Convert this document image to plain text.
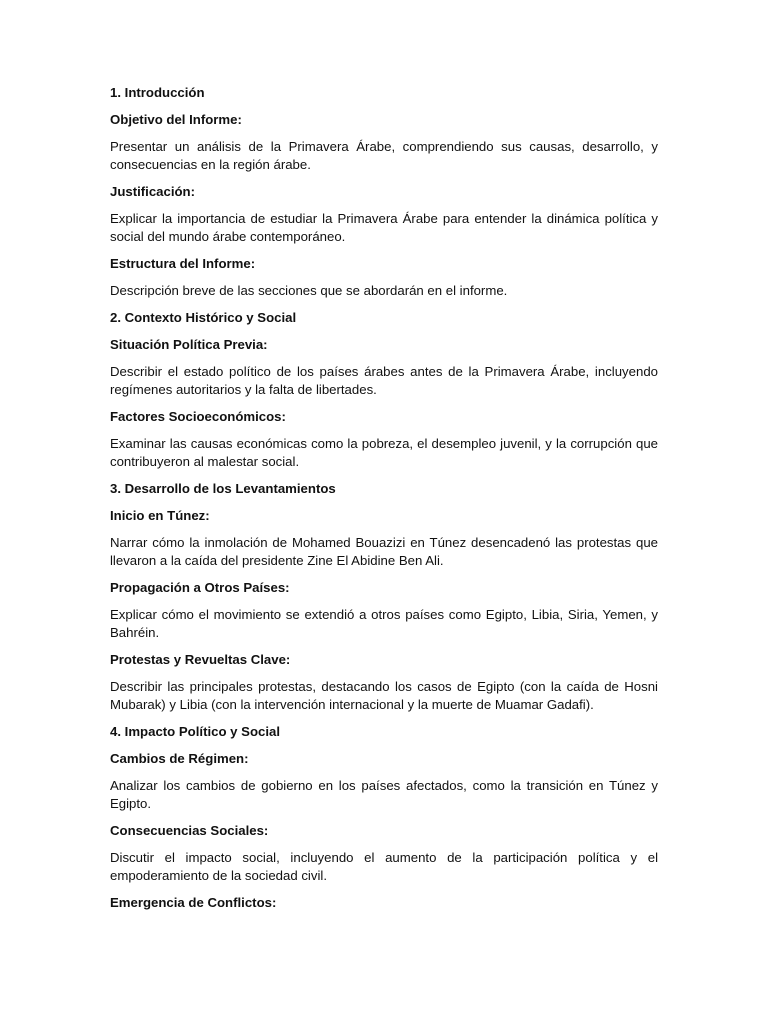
1. Introducción

Objetivo del Informe:

Presentar un análisis de la Primavera Árabe, comprendiendo sus causas, desarrollo, y consecuencias en la región árabe.

Justificación:

Explicar la importancia de estudiar la Primavera Árabe para entender la dinámica política y social del mundo árabe contemporáneo.

Estructura del Informe:

Descripción breve de las secciones que se abordarán en el informe.

2. Contexto Histórico y Social

Situación Política Previa:

Describir el estado político de los países árabes antes de la Primavera Árabe, incluyendo regímenes autoritarios y la falta de libertades.

Factores Socioeconómicos:

Examinar las causas económicas como la pobreza, el desempleo juvenil, y la corrupción que contribuyeron al malestar social.

3. Desarrollo de los Levantamientos

Inicio en Túnez:

Narrar cómo la inmolación de Mohamed Bouazizi en Túnez desencadenó las protestas que llevaron a la caída del presidente Zine El Abidine Ben Ali.

Propagación a Otros Países:

Explicar cómo el movimiento se extendió a otros países como Egipto, Libia, Siria, Yemen, y Bahréin.

Protestas y Revueltas Clave:

Describir las principales protestas, destacando los casos de Egipto (con la caída de Hosni Mubarak) y Libia (con la intervención internacional y la muerte de Muamar Gadafi).

4. Impacto Político y Social

Cambios de Régimen:

Analizar los cambios de gobierno en los países afectados, como la transición en Túnez y Egipto.

Consecuencias Sociales:

Discutir el impacto social, incluyendo el aumento de la participación política y el empoderamiento de la sociedad civil.

Emergencia de Conflictos:
